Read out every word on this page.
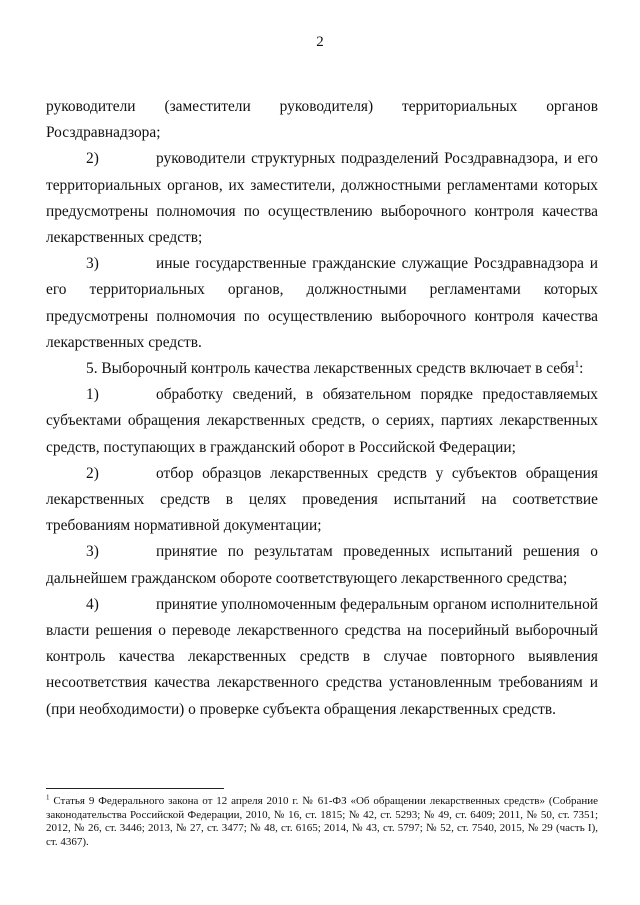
2

руководители (заместители руководителя) территориальных органов
Росздравнадзора;

2)	руководители структурных подразделений Росздравнадзора, и его территориальных органов, их заместители, должностными регламентами которых предусмотрены полномочия по осуществлению выборочного контроля качества лекарственных средств;

3)	иные государственные гражданские служащие Росздравнадзора и его территориальных органов, должностными регламентами которых предусмотрены полномочия по осуществлению выборочного контроля качества лекарственных средств.

5. Выборочный контроль качества лекарственных средств включает в себя$^1$:

1)	обработку сведений, в обязательном порядке предоставляемых субъектами обращения лекарственных средств, о сериях, партиях лекарственных средств, поступающих в гражданский оборот в Российской Федерации;

2)	отбор образцов лекарственных средств у субъектов обращения лекарственных средств в целях проведения испытаний на соответствие требованиям нормативной документации;

3)	принятие по результатам проведенных испытаний решения о дальнейшем гражданском обороте соответствующего лекарственного средства;

4)	принятие уполномоченным федеральным органом исполнительной власти решения о переводе лекарственного средства на посерийный выборочный контроль качества лекарственных средств в случае повторного выявления несоответствия качества лекарственного средства установленным требованиям и (при необходимости) о проверке субъекта обращения лекарственных средств.

$^1$ Статья 9 Федерального закона от 12 апреля 2010 г. № 61-ФЗ «Об обращении лекарственных средств» (Собрание законодательства Российской Федерации, 2010, № 16, ст. 1815; № 42, ст. 5293; № 49, ст. 6409; 2011, № 50, ст. 7351; 2012, № 26, ст. 3446; 2013, № 27, ст. 3477; № 48, ст. 6165; 2014, № 43, ст. 5797; № 52, ст. 7540, 2015, № 29 (часть I), ст. 4367).
